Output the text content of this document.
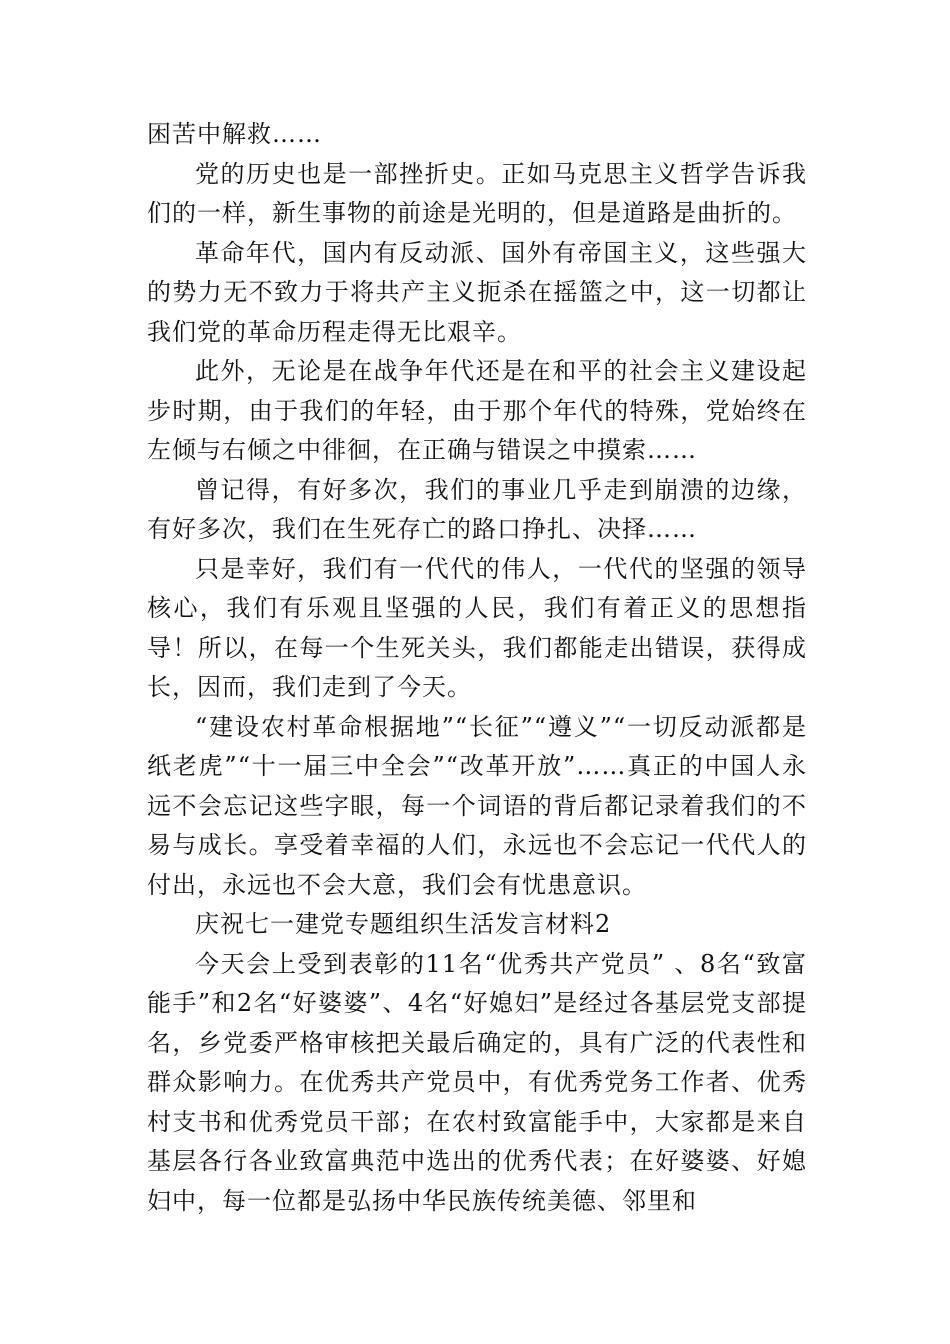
困苦中解救……

党的历史也是一部挫折史。正如马克思主义哲学告诉我们的一样，新生事物的前途是光明的，但是道路是曲折的。

革命年代，国内有反动派、国外有帝国主义，这些强大的势力无不致力于将共产主义扼杀在摇篮之中，这一切都让我们党的革命历程走得无比艰辛。

此外，无论是在战争年代还是在和平的社会主义建设起步时期，由于我们的年轻，由于那个年代的特殊，党始终在左倾与右倾之中徘徊，在正确与错误之中摸索……

曾记得，有好多次，我们的事业几乎走到崩溃的边缘，有好多次，我们在生死存亡的路口挣扎、决择……

只是幸好，我们有一代代的伟人，一代代的坚强的领导核心，我们有乐观且坚强的人民，我们有着正义的思想指导！所以，在每一个生死关头，我们都能走出错误，获得成长，因而，我们走到了今天。

“建设农村革命根据地”“长征”“遵义”“一切反动派都是纸老虎”“十一届三中全会”“改革开放”……真正的中国人永远不会忘记这些字眼，每一个词语的背后都记录着我们的不易与成长。享受着幸福的人们，永远也不会忘记一代代人的付出，永远也不会大意，我们会有忧患意识。

庆祝七一建党专题组织生活发言材料2

今天会上受到表彰的11名“优秀共产党员” 、8名“致富能手”和2名“好婆婆”、4名“好媳妇”是经过各基层党支部提名，乡党委严格审核把关最后确定的，具有广泛的代表性和群众影响力。在优秀共产党员中，有优秀党务工作者、优秀村支书和优秀党员干部；在农村致富能手中，大家都是来自基层各行各业致富典范中选出的优秀代表；在好婆婆、好媳妇中，每一位都是弘扬中华民族传统美德、邻里和
